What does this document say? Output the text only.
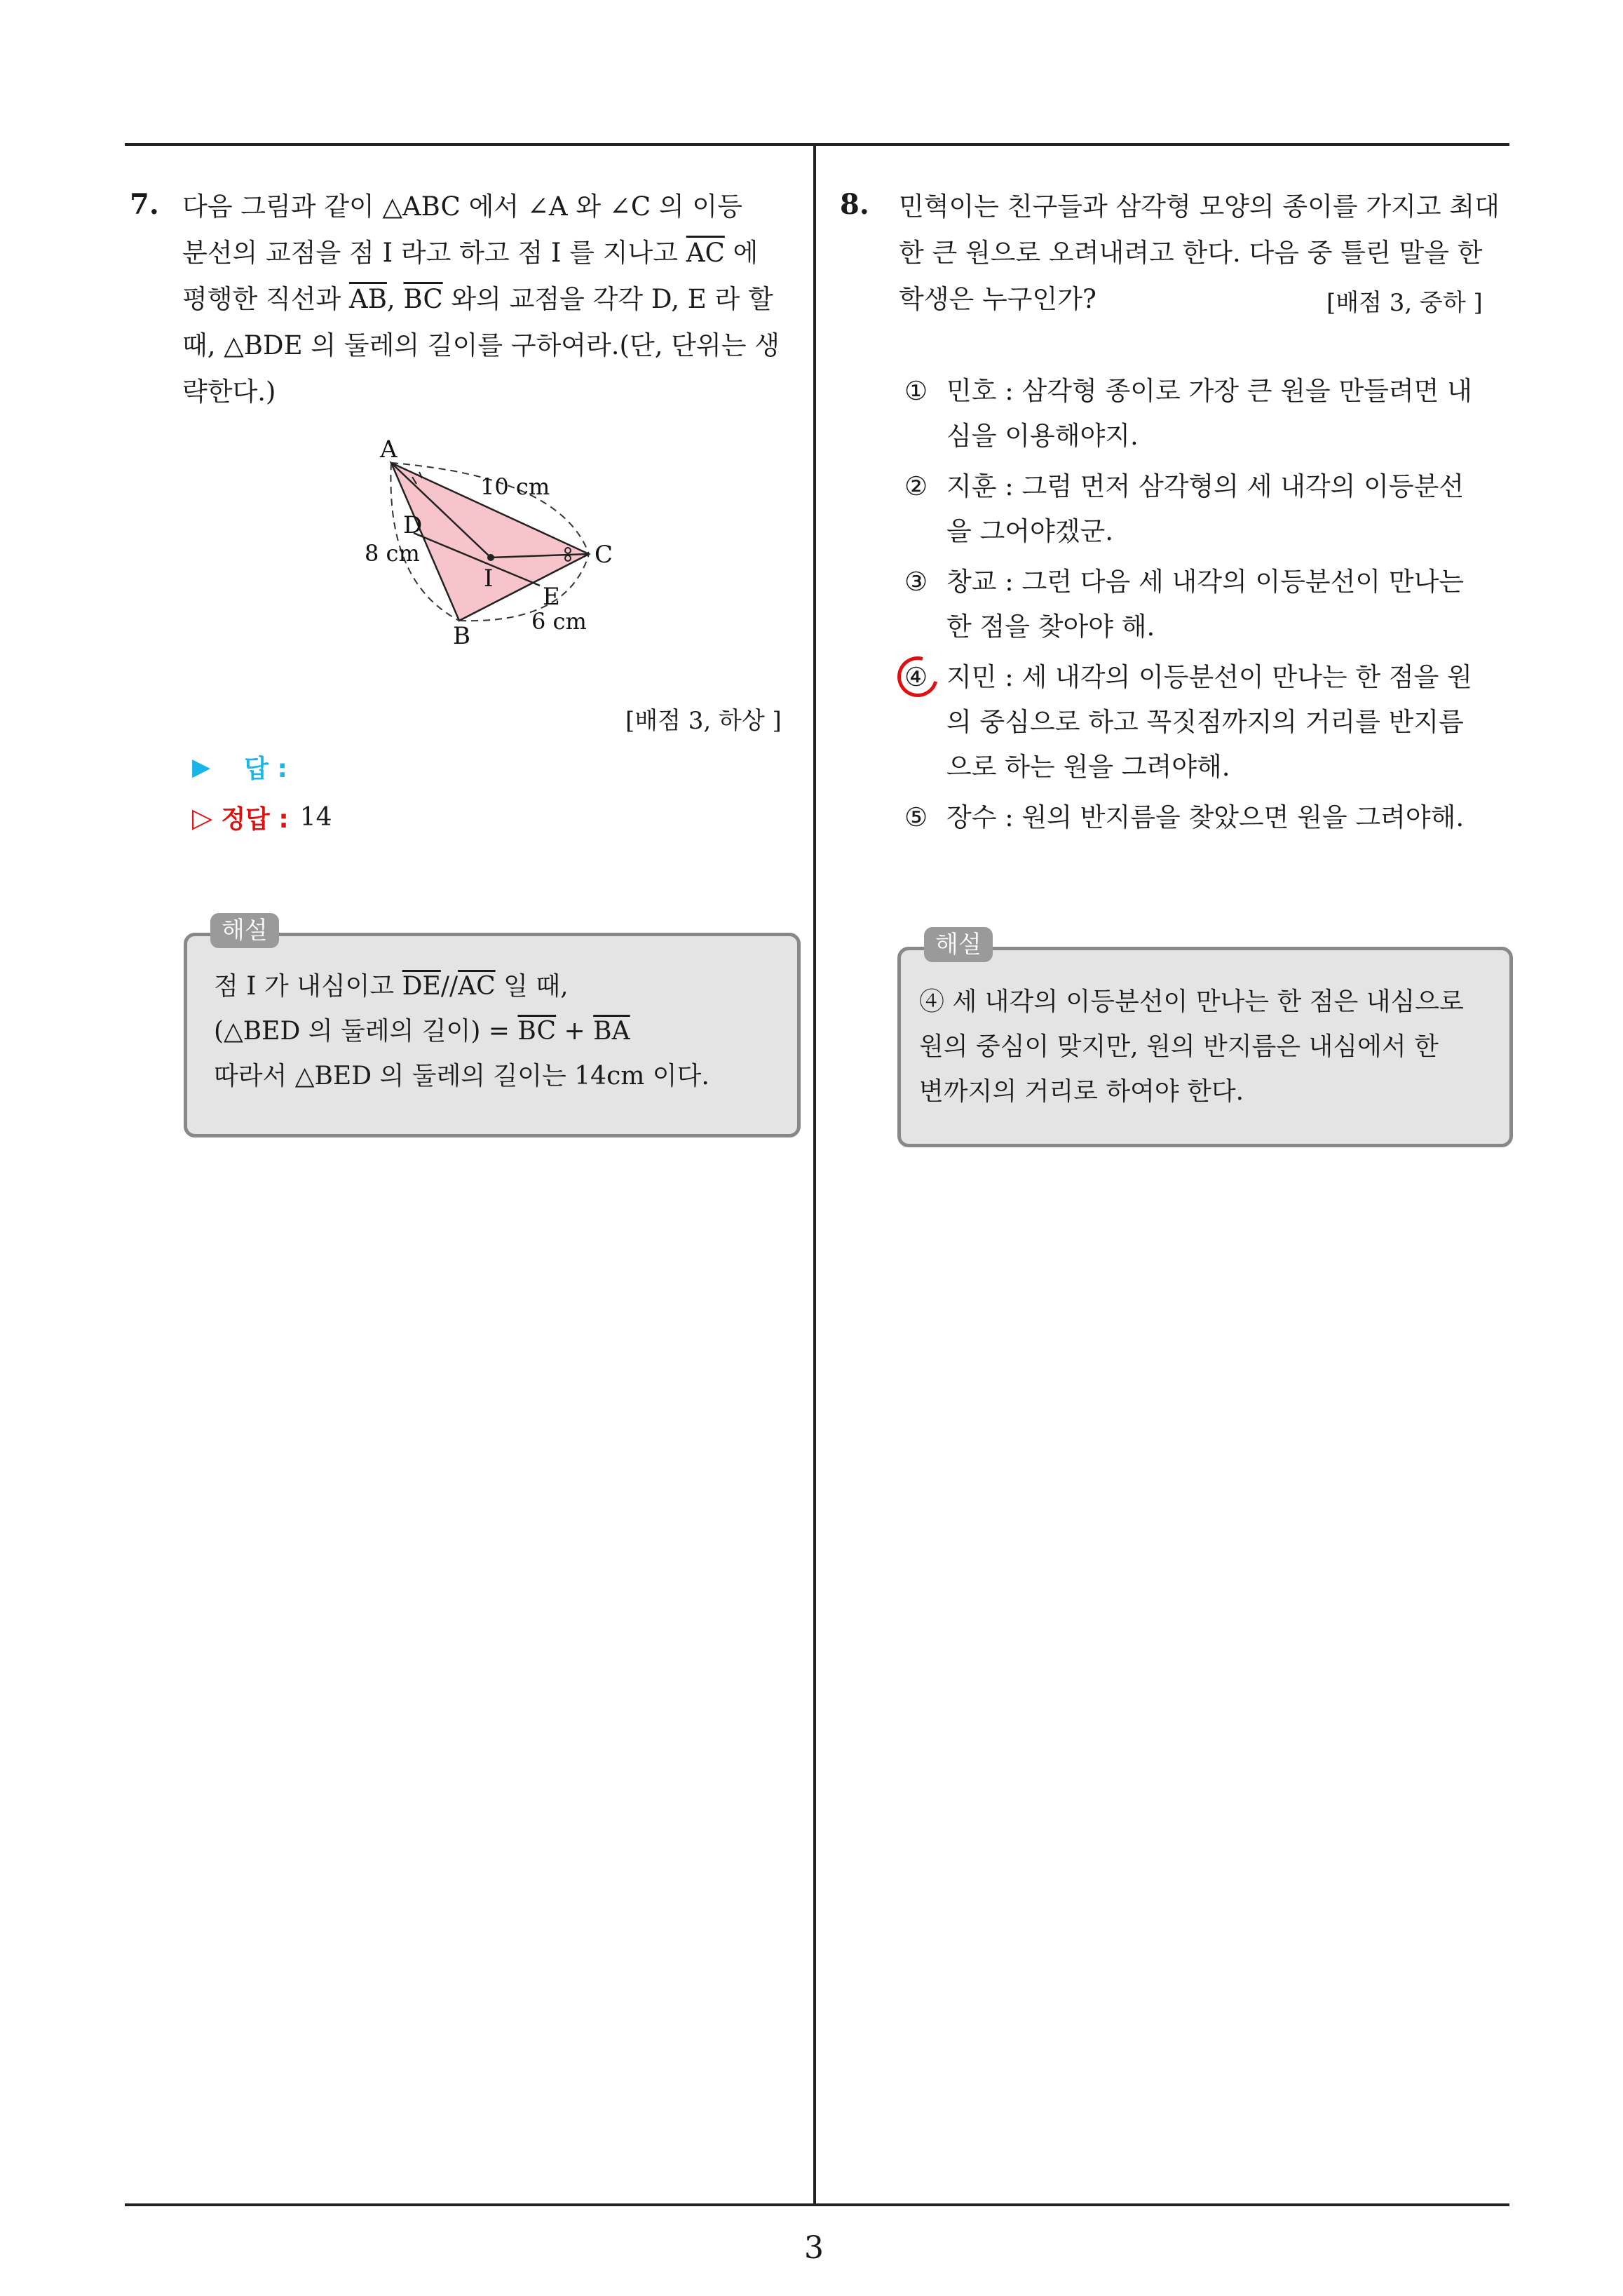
7. 다음 그림과 같이 △ABC 에서 ∠A 와 ∠C 의 이등
분선의 교점을 점 I 라고 하고 점 I 를 지나고 $\overline{AC}$ 에
평행한 직선과 $\overline{AB}$, $\overline{BC}$ 와의 교점을 각각 D, E 라 할
때, △BDE 의 둘레의 길이를 구하여라.(단, 단위는 생
략한다.)
A
D
I
C
E
B
10 cm
8 cm
6 cm
[배점 3, 하상 ]
▶ 답 :
▷ 정답 : 14
점 I 가 내심이고 $\overline{DE}//\overline{AC}$ 일 때,
(△BED 의 둘레의 길이) = $\overline{BC} + \overline{BA}$
따라서 △BED 의 둘레의 길이는 14cm 이다.
해설
8. 민혁이는 친구들과 삼각형 모양의 종이를 가지고 최대
한 큰 원으로 오려내려고 한다. 다음 중 틀린 말을 한
학생은 누구인가?	[배점 3, 중하 ]
① 민호 : 삼각형 종이로 가장 큰 원을 만들려면 내
심을 이용해야지.
② 지훈 : 그럼 먼저 삼각형의 세 내각의 이등분선
을 그어야겠군.
③ 창교 : 그런 다음 세 내각의 이등분선이 만나는
한 점을 찾아야 해.
④ 지민 : 세 내각의 이등분선이 만나는 한 점을 원
의 중심으로 하고 꼭짓점까지의 거리를 반지름
으로 하는 원을 그려야해.
⑤ 장수 : 원의 반지름을 찾았으면 원을 그려야해.
④ 세 내각의 이등분선이 만나는 한 점은 내심으로
원의 중심이 맞지만, 원의 반지름은 내심에서 한
변까지의 거리로 하여야 한다.
해설
3
